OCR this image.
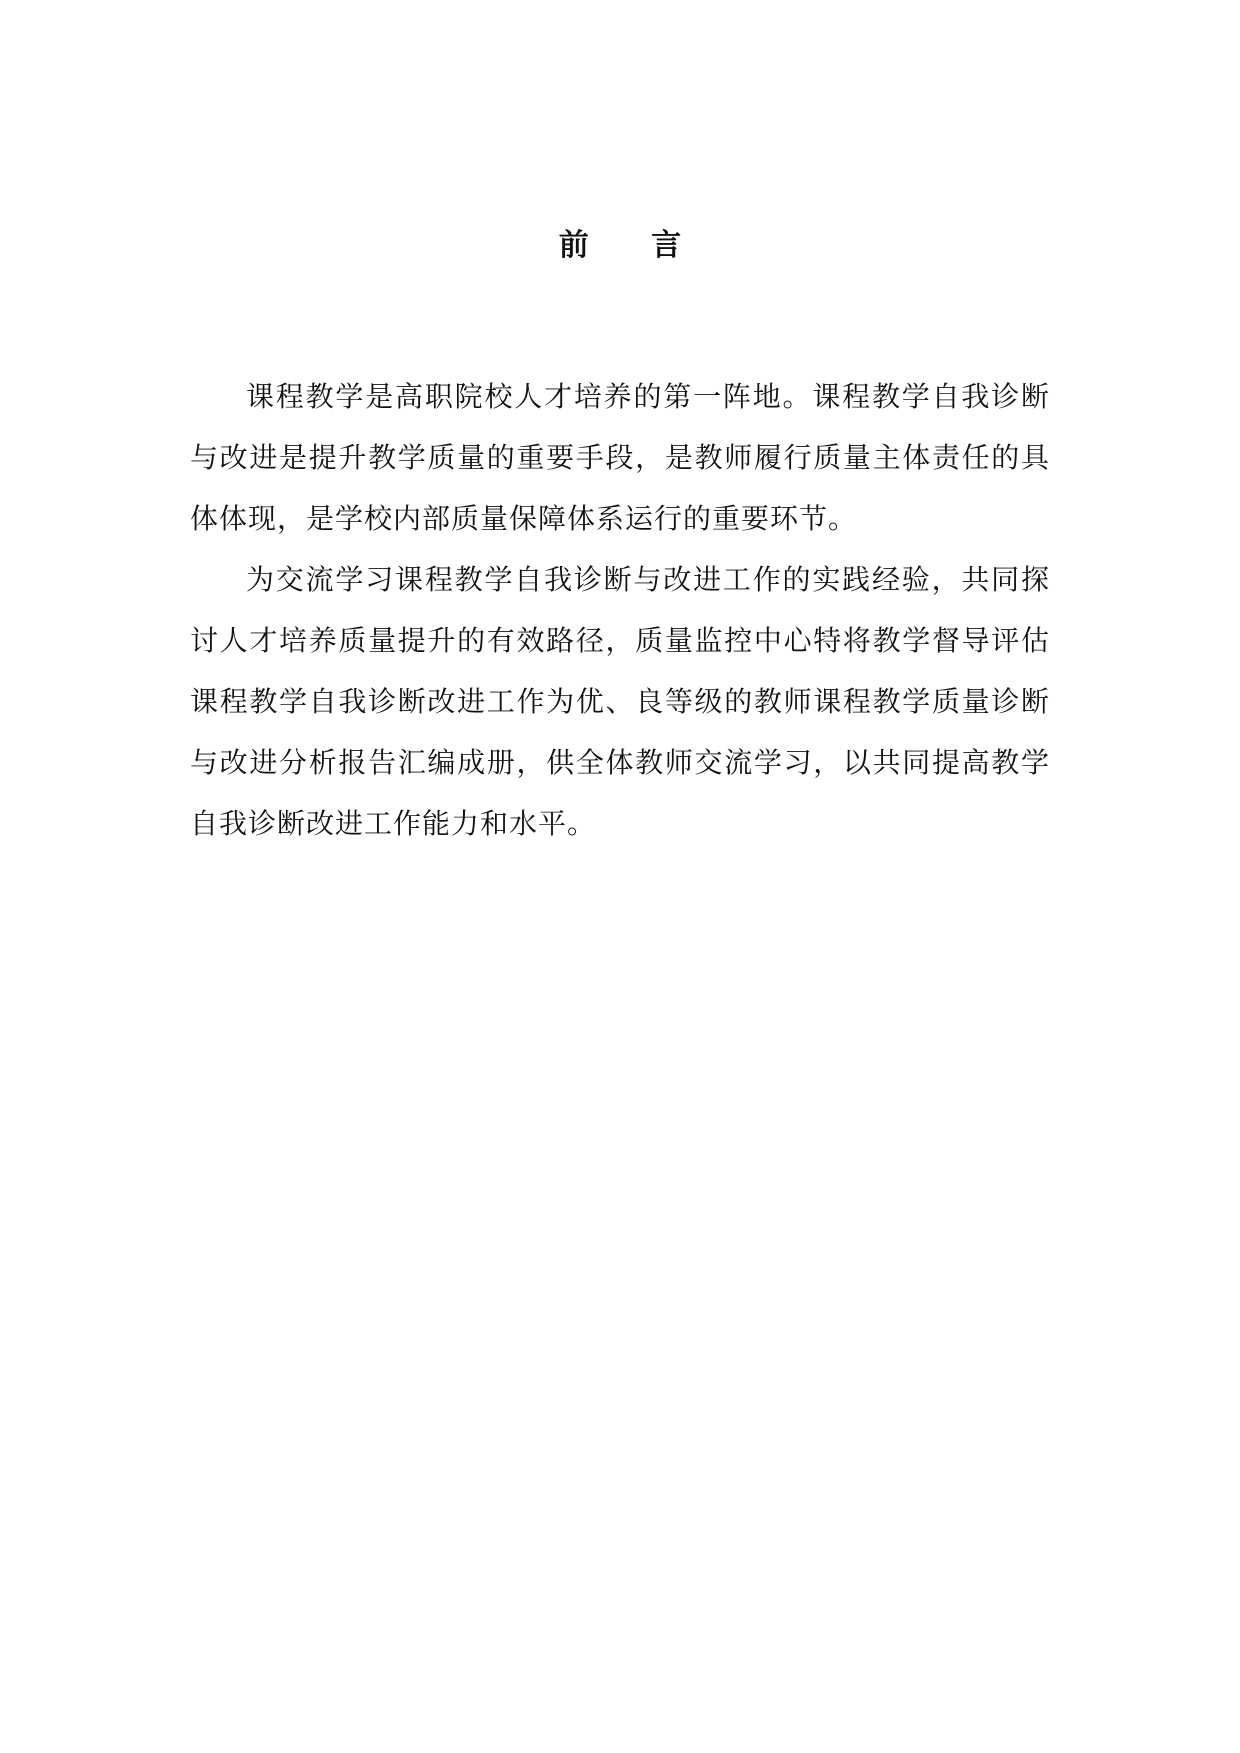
前 言

课程教学是高职院校人才培养的第一阵地。课程教学自我诊断与改进是提升教学质量的重要手段，是教师履行质量主体责任的具体体现，是学校内部质量保障体系运行的重要环节。

为交流学习课程教学自我诊断与改进工作的实践经验，共同探讨人才培养质量提升的有效路径，质量监控中心特将教学督导评估课程教学自我诊断改进工作为优、良等级的教师课程教学质量诊断与改进分析报告汇编成册，供全体教师交流学习，以共同提高教学自我诊断改进工作能力和水平。
